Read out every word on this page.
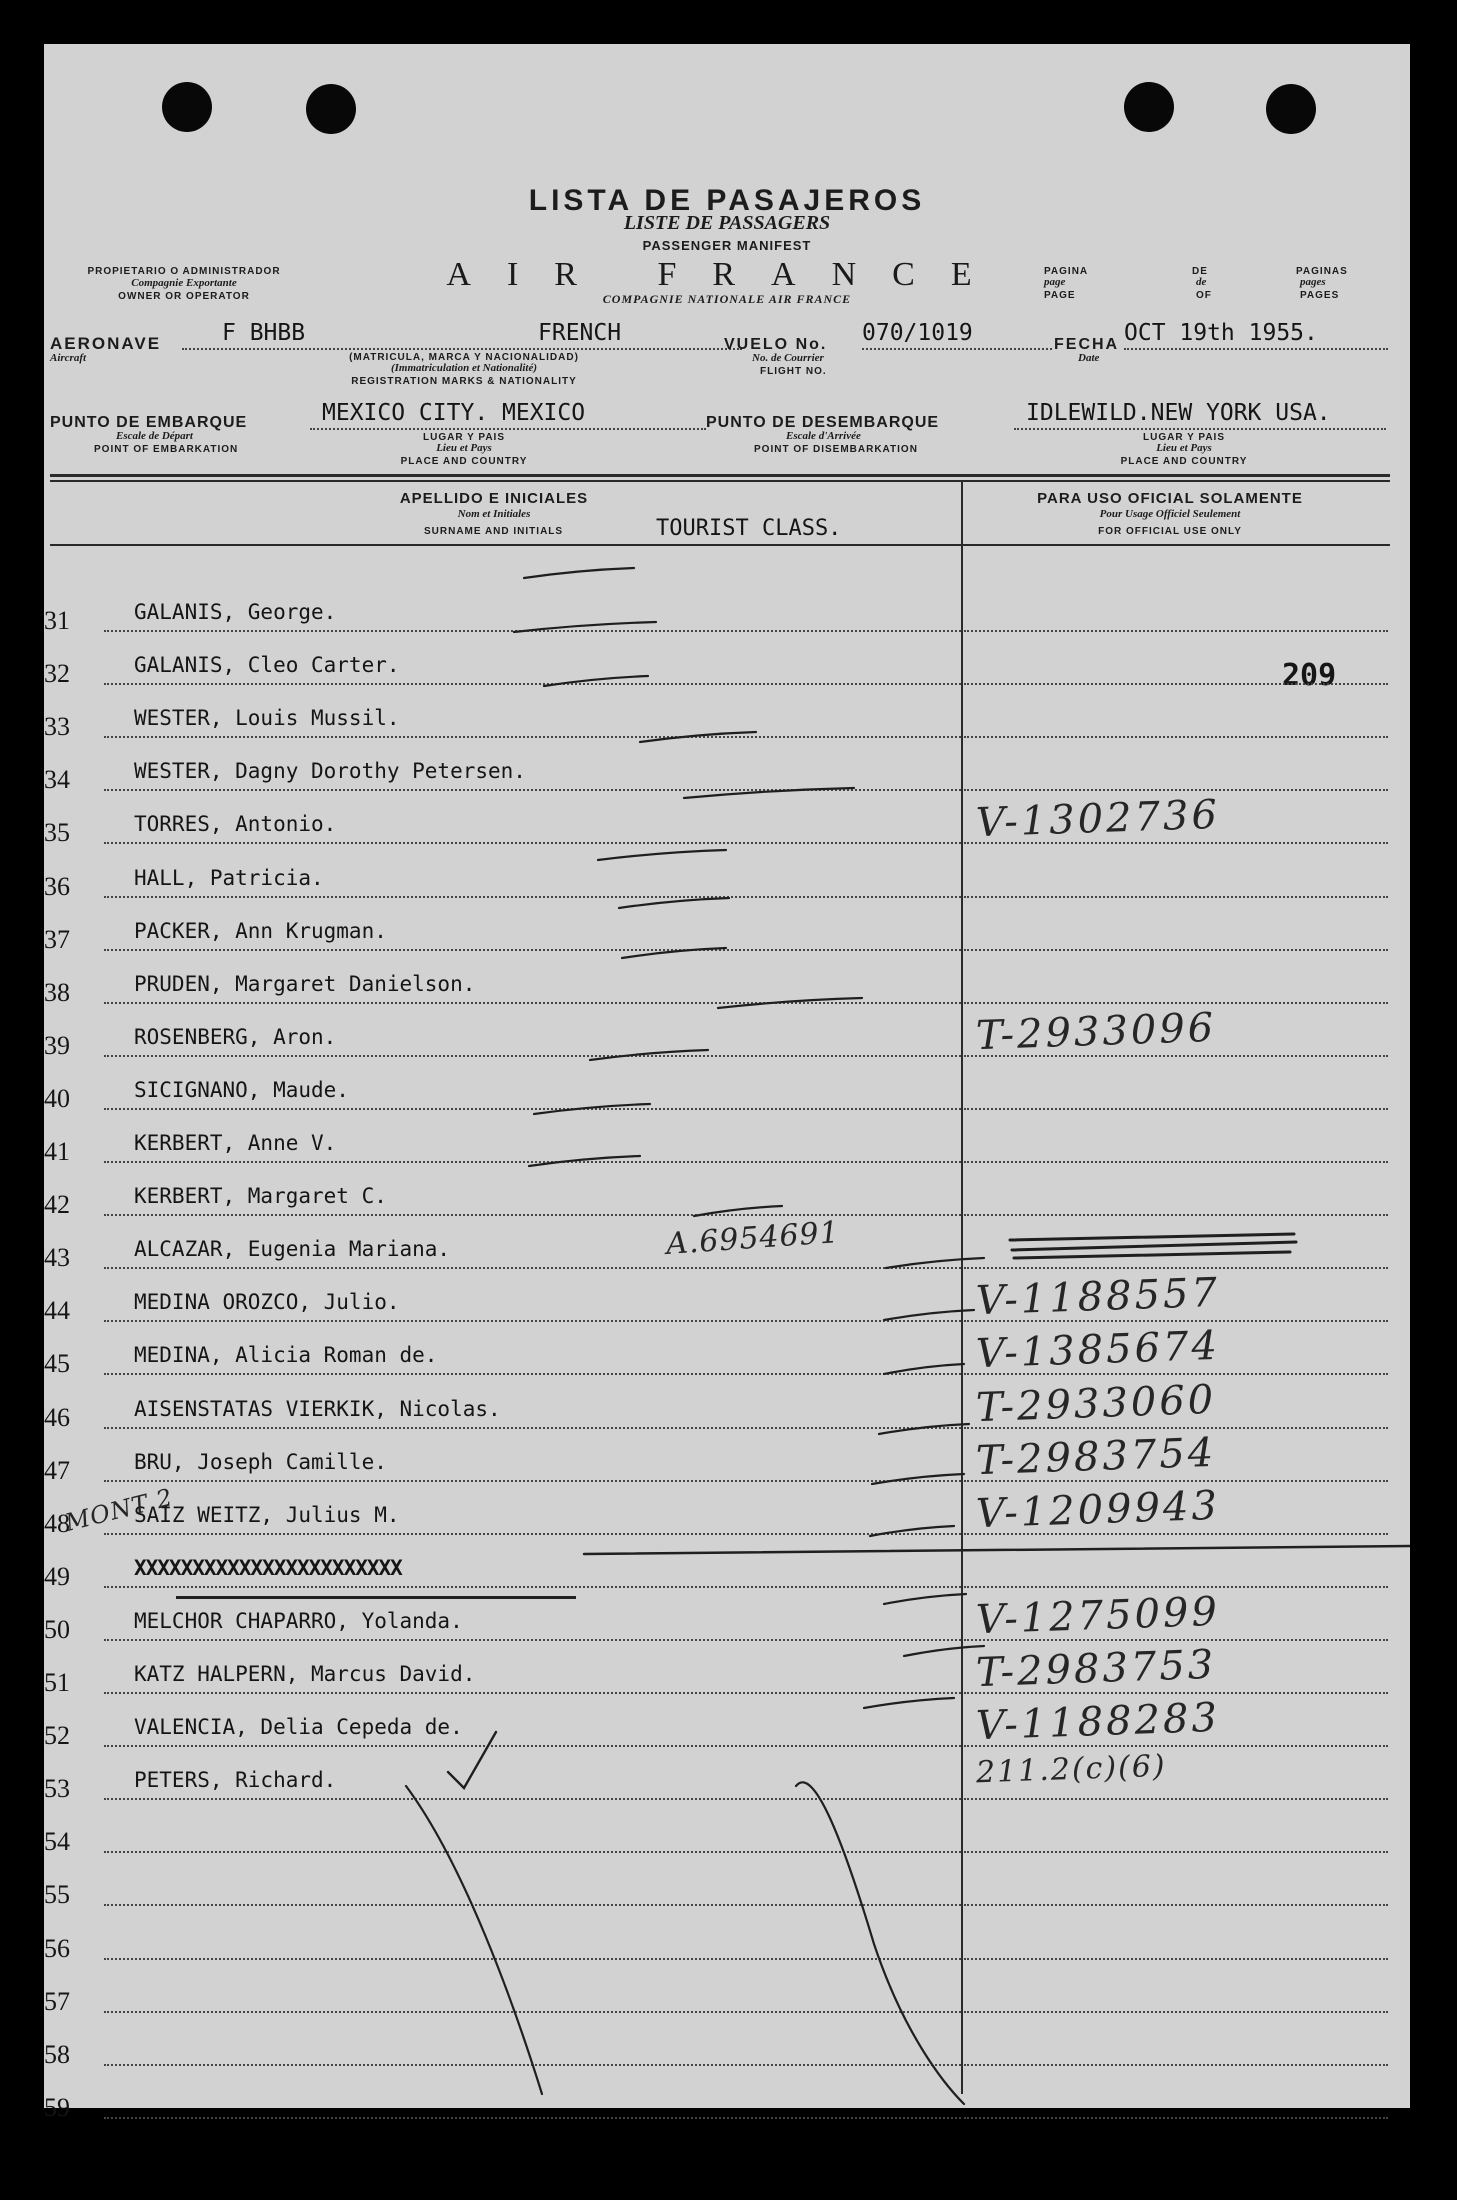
LISTA DE PASAJEROS
LISTE DE PASSAGERS
PASSENGER MANIFEST
PROPIETARIO O ADMINISTRADOR
Compagnie Exportante
OWNER OR OPERATOR
AIR FRANCE
COMPAGNIE NATIONALE AIR FRANCE
PAGINA	DE	PAGINAS
page	de	pages
PAGE	OF	PAGES
AERONAVE
Aircraft
F BHBB	FRENCH
(MATRICULA, MARCA Y NACIONALIDAD)
(Immatriculation et Nationalité)
REGISTRATION MARKS & NATIONALITY
VUELO No.
No. de Courrier
FLIGHT NO.
070/1019	FECHA
Date
OCT 19th 1955.
PUNTO DE EMBARQUE
Escale de Départ
POINT OF EMBARKATION
MEXICO CITY. MEXICO
LUGAR Y PAIS
Lieu et Pays
PLACE AND COUNTRY
PUNTO DE DESEMBARQUE
Escale d'Arrivée
POINT OF DISEMBARKATION
IDLEWILD.NEW YORK USA.
LUGAR Y PAIS
Lieu et Pays
PLACE AND COUNTRY
APELLIDO E INICIALES
Nom et Initiales
SURNAME AND INITIALS	TOURIST CLASS.
PARA USO OFICIAL SOLAMENTE
Pour Usage Officiel Seulement
FOR OFFICIAL USE ONLY
209
31	GALANIS, George.
32	GALANIS, Cleo Carter.
33	WESTER, Louis Mussil.
34	WESTER, Dagny Dorothy Petersen.
35	TORRES, Antonio.	V-1302736
36	HALL, Patricia.
37	PACKER, Ann Krugman.
38	PRUDEN, Margaret Danielson.
39	ROSENBERG, Aron.	T-2933096
40	SICIGNANO, Maude.
41	KERBERT, Anne V.
42	KERBERT, Margaret C.
43	ALCAZAR, Eugenia Mariana.	A.6954691
44	MEDINA OROZCO, Julio.	V-1188557
45	MEDINA, Alicia Roman de.	V-1385674
46	AISENSTATAS VIERKIK, Nicolas.	T-2933060
47	BRU, Joseph Camille.	T-2983754
48	SAIZ WEITZ, Julius M.	V-1209943
49	XXXXXXXXXXXXXXXXXXXXXXX
50	MELCHOR CHAPARRO, Yolanda.	V-1275099
51	KATZ HALPERN, Marcus David.	T-2983753
52	VALENCIA, Delia Cepeda de.	V-1188283
53	PETERS, Richard.	211.2(c)(6)
54
55
56
57
58
59
MONT 2
